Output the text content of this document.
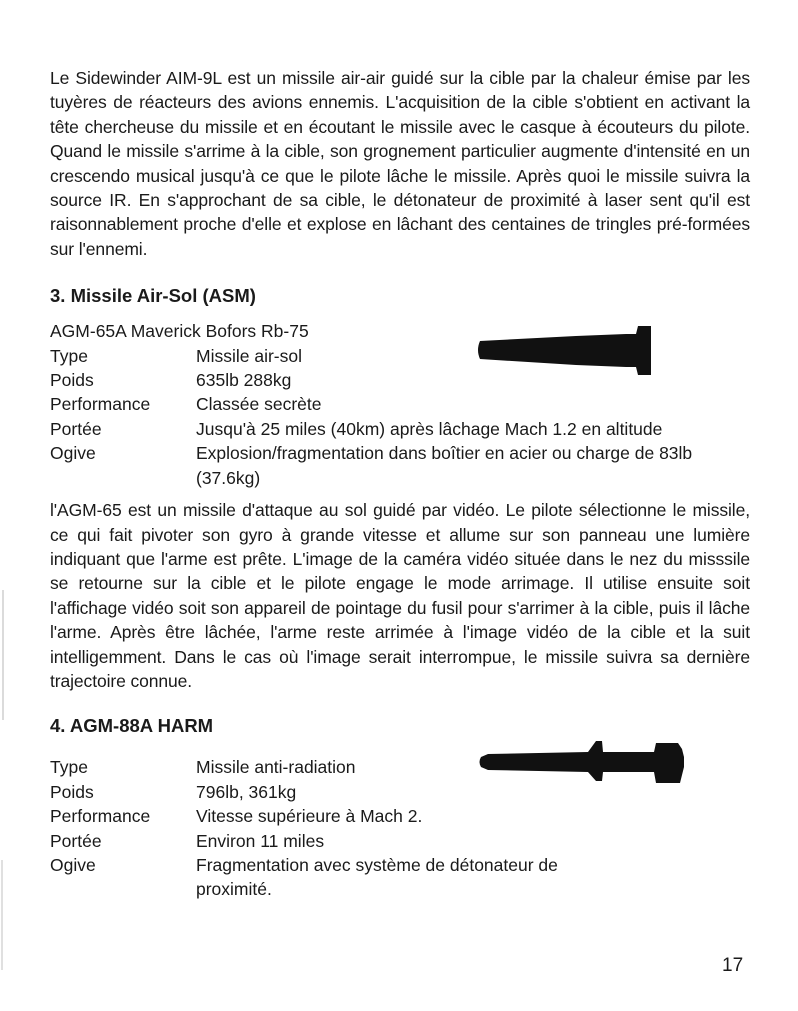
Le Sidewinder AIM-9L est un missile air-air guidé sur la cible par la chaleur émise par les tuyères de réacteurs des avions ennemis. L'acquisition de la cible s'obtient en activant la tête chercheuse du missile et en écoutant le missile avec le casque à écouteurs du pilote. Quand le missile s'arrime à la cible, son grognement particulier augmente d'intensité en un crescendo musical jusqu'à ce que le pilote lâche le missile. Après quoi le missile suivra la source IR. En s'approchant de sa cible, le détonateur de proximité à laser sent qu'il est raisonnablement proche d'elle et explose en lâchant des centaines de tringles pré-formées sur l'ennemi.

3. Missile Air-Sol (ASM)
AGM-65A Maverick Bofors Rb-75
Type	Missile air-sol
Poids	635lb 288kg
Performance	Classée secrète
Portée	Jusqu'à 25 miles (40km) après lâchage Mach 1.2 en altitude
Ogive	Explosion/fragmentation dans boîtier en acier ou charge de 83lb (37.6kg)

l'AGM-65 est un missile d'attaque au sol guidé par vidéo. Le pilote sélectionne le missile, ce qui fait pivoter son gyro à grande vitesse et allume sur son panneau une lumière indiquant que l'arme est prête. L'image de la caméra vidéo située dans le nez du misssile se retourne sur la cible et le pilote engage le mode arrimage. Il utilise ensuite soit l'affichage vidéo soit son appareil de pointage du fusil pour s'arrimer à la cible, puis il lâche l'arme. Après être lâchée, l'arme reste arrimée à l'image vidéo de la cible et la suit intelligemment. Dans le cas où l'image serait interrompue, le missile suivra sa dernière trajectoire connue.

4. AGM-88A HARM
Type	Missile anti-radiation
Poids	796lb, 361kg
Performance	Vitesse supérieure à Mach 2.
Portée	Environ 11 miles
Ogive	Fragmentation avec système de détonateur de proximité.
17
